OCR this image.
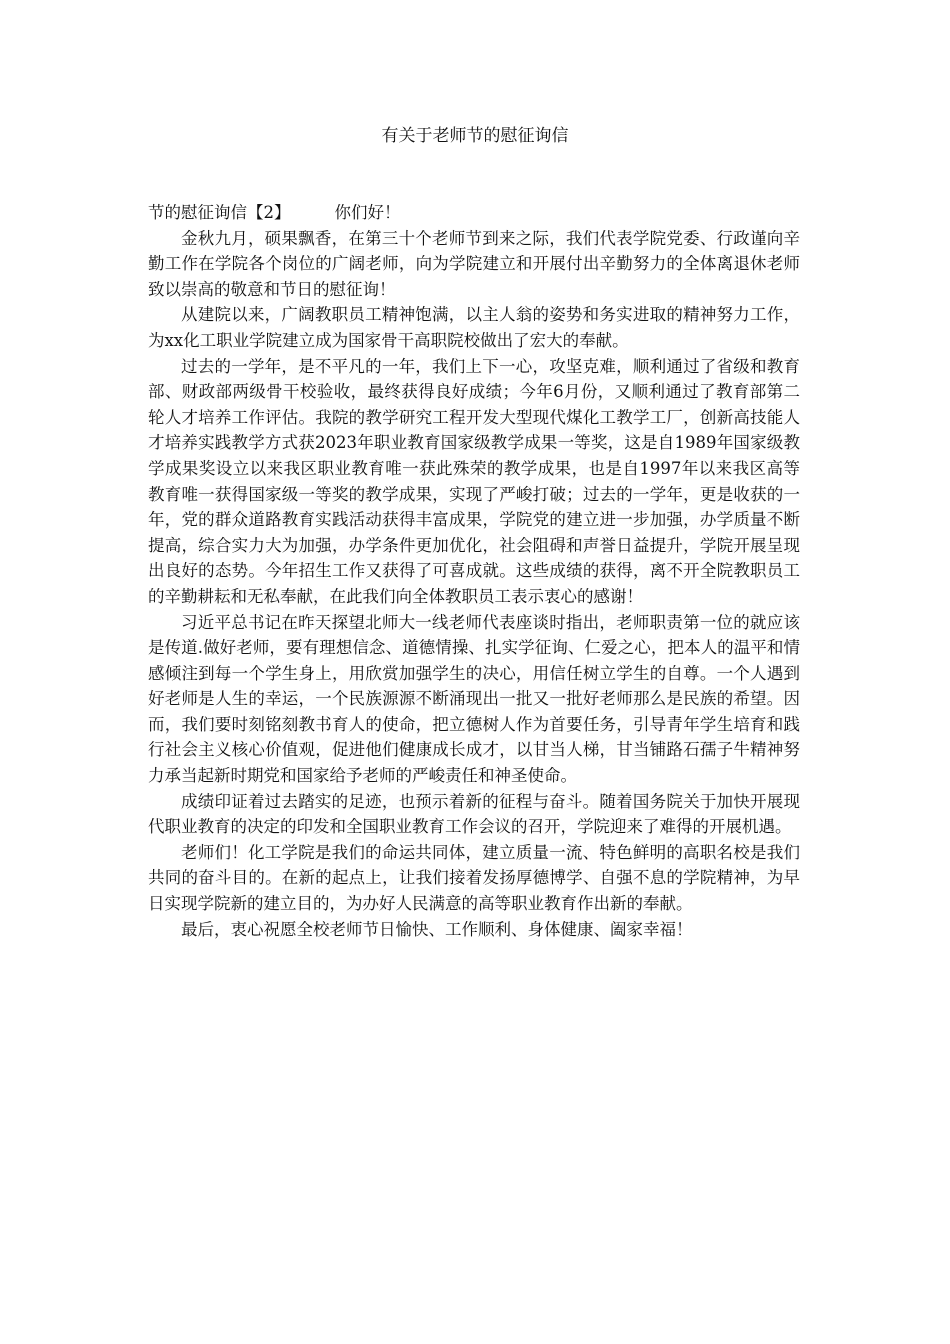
有关于老师节的慰征询信

节的慰征询信【2】	你们好！

金秋九月，硕果飘香，在第三十个老师节到来之际，我们代表学院党委、行政谨向辛勤工作在学院各个岗位的广阔老师，向为学院建立和开展付出辛勤努力的全体离退休老师致以崇高的敬意和节日的慰征询！

从建院以来，广阔教职员工精神饱满，以主人翁的姿势和务实进取的精神努力工作，为xx化工职业学院建立成为国家骨干高职院校做出了宏大的奉献。

过去的一学年，是不平凡的一年，我们上下一心，攻坚克难，顺利通过了省级和教育部、财政部两级骨干校验收，最终获得良好成绩；今年6月份，又顺利通过了教育部第二轮人才培养工作评估。我院的教学研究工程开发大型现代煤化工教学工厂，创新高技能人才培养实践教学方式获2023年职业教育国家级教学成果一等奖，这是自1989年国家级教学成果奖设立以来我区职业教育唯一获此殊荣的教学成果，也是自1997年以来我区高等教育唯一获得国家级一等奖的教学成果，实现了严峻打破；过去的一学年，更是收获的一年，党的群众道路教育实践活动获得丰富成果，学院党的建立进一步加强，办学质量不断提高，综合实力大为加强，办学条件更加优化，社会阻碍和声誉日益提升，学院开展呈现出良好的态势。今年招生工作又获得了可喜成就。这些成绩的获得，离不开全院教职员工的辛勤耕耘和无私奉献，在此我们向全体教职员工表示衷心的感谢！

习近平总书记在昨天探望北师大一线老师代表座谈时指出，老师职责第一位的就应该是传道.做好老师，要有理想信念、道德情操、扎实学征询、仁爱之心，把本人的温平和情感倾注到每一个学生身上，用欣赏加强学生的决心，用信任树立学生的自尊。一个人遇到好老师是人生的幸运，一个民族源源不断涌现出一批又一批好老师那么是民族的希望。因而，我们要时刻铭刻教书育人的使命，把立德树人作为首要任务，引导青年学生培育和践行社会主义核心价值观，促进他们健康成长成才，以甘当人梯，甘当铺路石孺子牛精神努力承当起新时期党和国家给予老师的严峻责任和神圣使命。

成绩印证着过去踏实的足迹，也预示着新的征程与奋斗。随着国务院关于加快开展现代职业教育的决定的印发和全国职业教育工作会议的召开，学院迎来了难得的开展机遇。

老师们！化工学院是我们的命运共同体，建立质量一流、特色鲜明的高职名校是我们共同的奋斗目的。在新的起点上，让我们接着发扬厚德博学、自强不息的学院精神，为早日实现学院新的建立目的，为办好人民满意的高等职业教育作出新的奉献。

最后，衷心祝愿全校老师节日愉快、工作顺利、身体健康、阖家幸福！
